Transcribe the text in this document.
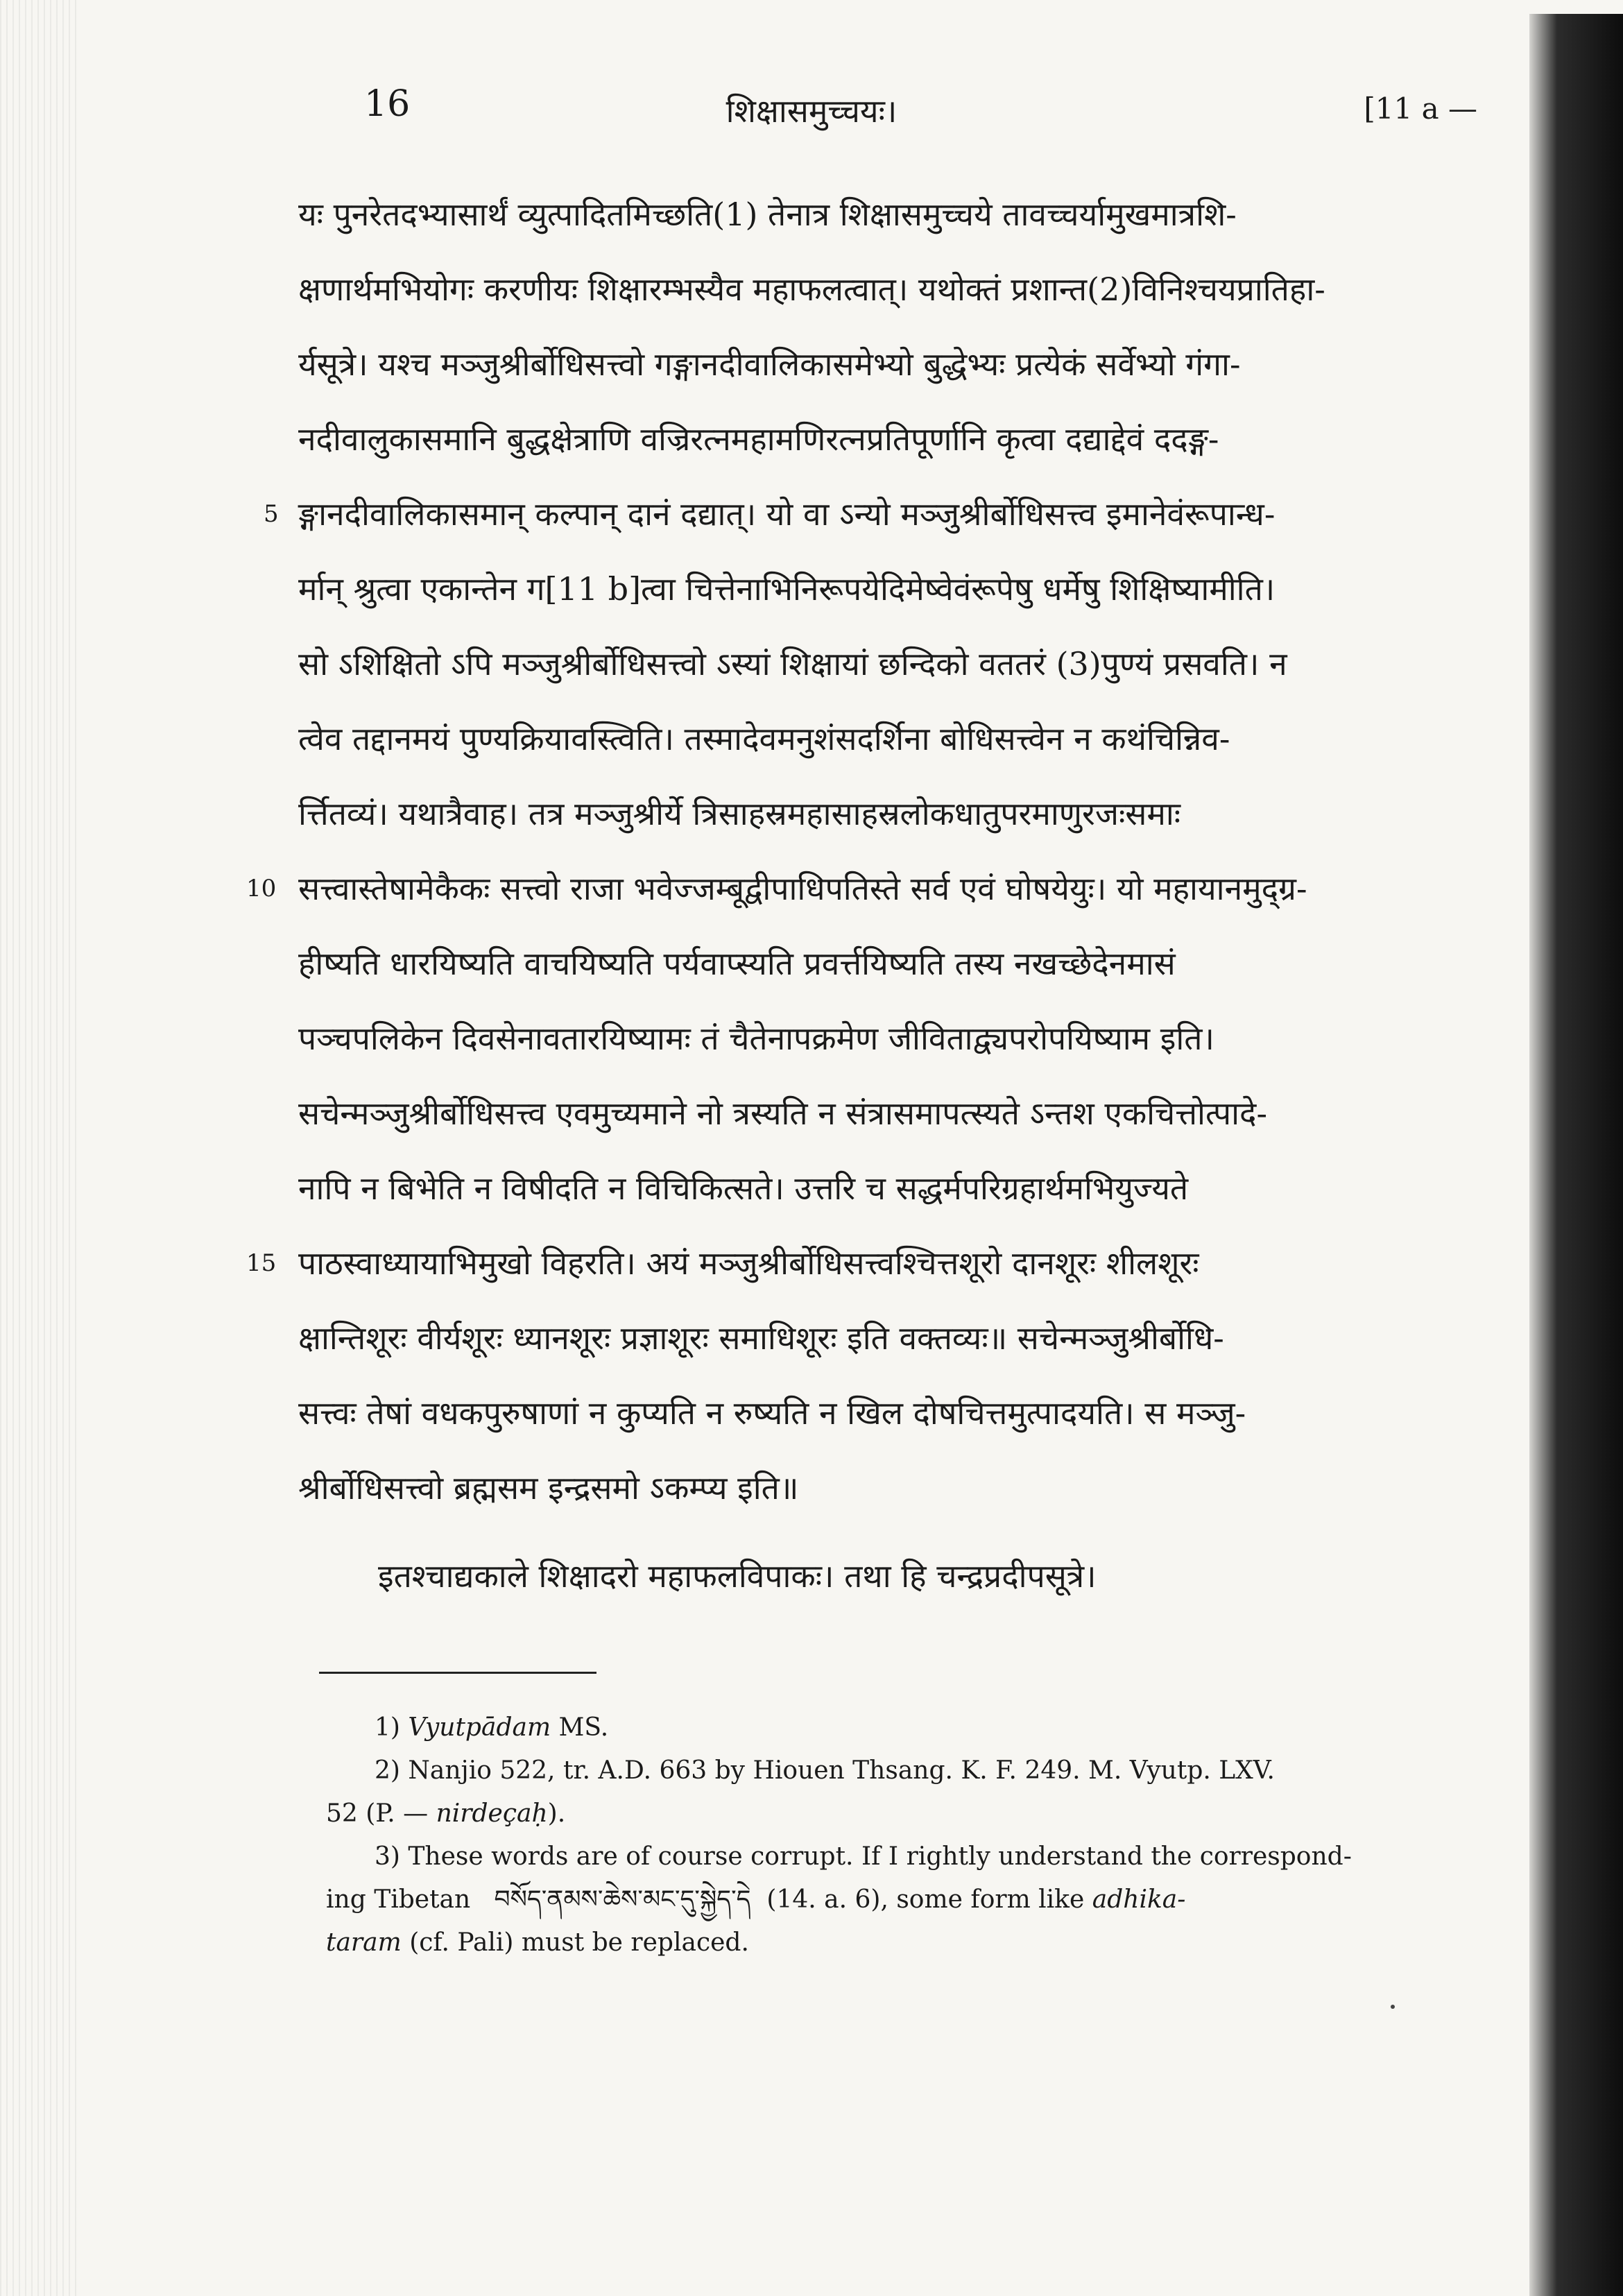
16	शिक्षासमुच्चयः।	[11 a —
यः पुनरेतदभ्यासार्थं व्युत्पादितमिच्छति(1) तेनात्र शिक्षासमुच्चये तावच्चर्यामुखमात्रशि-
क्षणार्थमभियोगः करणीयः शिक्षारम्भस्यैव महाफलत्वात्। यथोक्तं प्रशान्त(2)विनिश्चयप्रातिहा-
र्यसूत्रे। यश्च मञ्जुश्रीर्बोधिसत्त्वो गङ्गानदीवालिकासमेभ्यो बुद्धेभ्यः प्रत्येकं सर्वेभ्यो गंगा-
नदीवालुकासमानि बुद्धक्षेत्राणि वज्रिरत्नमहामणिरत्नप्रतिपूर्णानि कृत्वा दद्याद्देवं ददङ्ग-
5 ङ्गानदीवालिकासमान् कल्पान् दानं दद्यात्। यो वा ऽन्यो मञ्जुश्रीर्बोधिसत्त्व इमानेवंरूपान्ध-
र्मान् श्रुत्वा एकान्तेन ग[11 b]त्वा चित्तेनाभिनिरूपयेदिमेष्वेवंरूपेषु धर्मेषु शिक्षिष्यामीति।
सो ऽशिक्षितो ऽपि मञ्जुश्रीर्बोधिसत्त्वो ऽस्यां शिक्षायां छन्दिको वततरं (3)पुण्यं प्रसवति। न
त्वेव तद्दानमयं पुण्यक्रियावस्त्विति। तस्मादेवमनुशंसदर्शिना बोधिसत्त्वेन न कथंचिन्निव-
र्त्तितव्यं। यथात्रैवाह। तत्र मञ्जुश्रीर्ये त्रिसाहस्रमहासाहस्रलोकधातुपरमाणुरजःसमाः
10 सत्त्वास्तेषामेकैकः सत्त्वो राजा भवेज्जम्बूद्वीपाधिपतिस्ते सर्व एवं घोषयेयुः। यो महायानमुद्ग्र-
हीष्यति धारयिष्यति वाचयिष्यति पर्यवाप्स्यति प्रवर्त्तयिष्यति तस्य नखच्छेदेनमासं
पञ्चपलिकेन दिवसेनावतारयिष्यामः तं चैतेनापक्रमेण जीविताद्व्यपरोपयिष्याम इति।
सचेन्मञ्जुश्रीर्बोधिसत्त्व एवमुच्यमाने नो त्रस्यति न संत्रासमापत्स्यते ऽन्तश एकचित्तोत्पादे-
नापि न बिभेति न विषीदति न विचिकित्सते। उत्तरि च सद्धर्मपरिग्रहार्थमभियुज्यते
15 पाठस्वाध्यायाभिमुखो विहरति। अयं मञ्जुश्रीर्बोधिसत्त्वश्चित्तशूरो दानशूरः शीलशूरः
क्षान्तिशूरः वीर्यशूरः ध्यानशूरः प्रज्ञाशूरः समाधिशूरः इति वक्तव्यः॥ सचेन्मञ्जुश्रीर्बोधि-
सत्त्वः तेषां वधकपुरुषाणां न कुप्यति न रुष्यति न खिल दोषचित्तमुत्पादयति। स मञ्जु-
श्रीर्बोधिसत्त्वो ब्रह्मसम इन्द्रसमो ऽकम्प्य इति॥
इतश्चाद्यकाले शिक्षादरो महाफलविपाकः। तथा हि चन्द्रप्रदीपसूत्रे।
1) Vyutpādam MS.
2) Nanjio 522, tr. A.D. 663 by Hiouen Thsang. K. F. 249. M. Vyutp. LXV.
52 (P. — nirdeçaḥ).
3) These words are of course corrupt. If I rightly understand the correspond-
ing Tibetan བསོད་ནམས་ཆེས་མང་དུ་སྐྱེད་དེ (14. a. 6), some form like adhika-
taram (cf. Pali) must be replaced.
